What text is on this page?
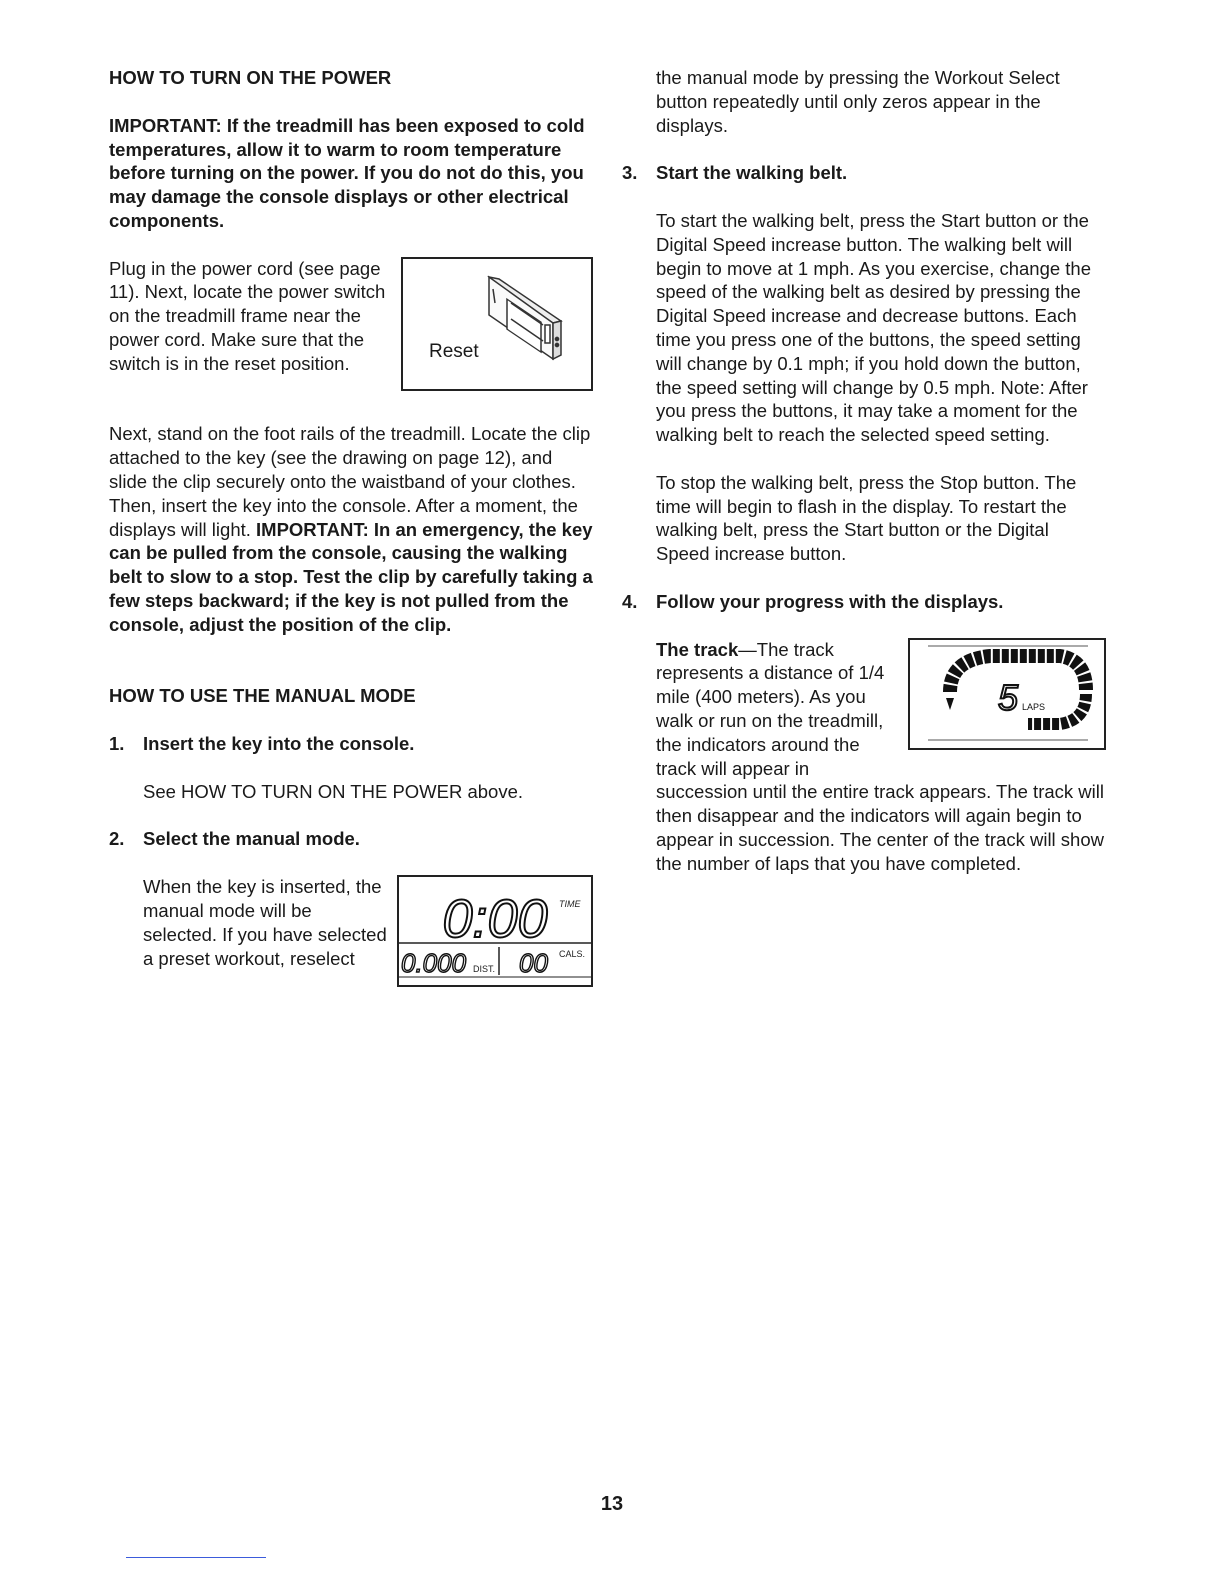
HOW TO TURN ON THE POWER

IMPORTANT: If the treadmill has been exposed to cold temperatures, allow it to warm to room temperature before turning on the power. If you do not do this, you may damage the console displays or other electrical components.

Reset

Plug in the power cord (see page 11). Next, locate the power switch on the treadmill frame near the power cord. Make sure that the switch is in the reset position.

Next, stand on the foot rails of the treadmill. Locate the clip attached to the key (see the drawing on page 12), and slide the clip securely onto the waistband of your clothes. Then, insert the key into the console. After a moment, the displays will light. IMPORTANT: In an emergency, the key can be pulled from the console, causing the walking belt to slow to a stop. Test the clip by carefully taking a few steps backward; if the key is not pulled from the console, adjust the position of the clip.

HOW TO USE THE MANUAL MODE

1.	Insert the key into the console.

See HOW TO TURN ON THE POWER above.

2.	Select the manual mode.
0:00 TIME
0.000 DIST. 00 CALS.

When the key is inserted, the manual mode will be selected. If you have selected a preset workout, reselect

the manual mode by pressing the Workout Select button repeatedly until only zeros appear in the displays.

3.	Start the walking belt.

To start the walking belt, press the Start button or the Digital Speed increase button. The walking belt will begin to move at 1 mph. As you exercise, change the speed of the walking belt as desired by pressing the Digital Speed increase and decrease buttons. Each time you press one of the buttons, the speed setting will change by 0.1 mph; if you hold down the button, the speed setting will change by 0.5 mph. Note: After you press the buttons, it may take a moment for the walking belt to reach the selected speed setting.

To stop the walking belt, press the Stop button. The time will begin to flash in the display. To restart the walking belt, press the Start button or the Digital Speed increase button.

4.	Follow your progress with the displays.
5 LAPS

The track—The track represents a distance of 1/4 mile (400 meters). As you walk or run on the treadmill, the indicators around the track will appear in succession until the entire track appears. The track will then disappear and the indicators will again begin to appear in succession. The center of the track will show the number of laps that you have completed.

13
